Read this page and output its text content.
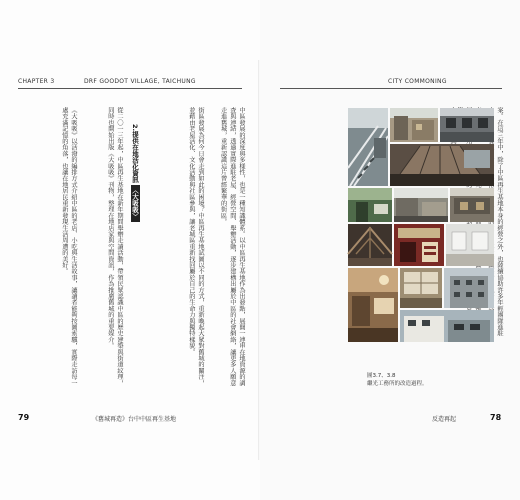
CHAPTER 3	DRF GOODOT VILLAGE, TAICHUNG
中區發展的深度與多樣性，也是一種知識體系。以中區再生基地作為出發點，展開一連串在地資源的調查與連結，透過實際進駐老屋、經營空間、舉辦活動，逐步建構出屬於中區的社會網絡，讓更多人願意走進舊城，重新認識這片曾經繁華的街區。
街區發展為何今日會走到如此的困境？中區再生基地試圖以不同的方式，重新喚起大眾對舊城的關注，並藉由老屋活化、文化活動與社區參與，讓老城區重新找回屬於自己的生命力與獨特樣貌。
2.提供在地活化資訊 〈大吸吸〉
從二〇一三年起，中區再生基地在新年期間舉辦走讀活動，帶領民眾認識中區的歷史建築與街道紋理，同時也開始出版《大吸吸》刊物，整理在地店家與空間資訊，作為推廣舊城的重要媒介。
《大吸吸》以活潑的編排方式介紹中區的老店、小吃與生活故事，讓讀者能夠按圖索驥，實際走訪每一處充滿記憶的角落，也讓在地居民重新發現生活周遭的美好。
79	《舊城再造》台中中區再生基地
CITY COMMONING
案。在這三年中，除了中區再生基地本身的經營之外，也陸續協助許多年輕團隊進駐 術等 新的活力。
圖3.7、3.8
繼光工務所的改造過程。
反造再起	78
